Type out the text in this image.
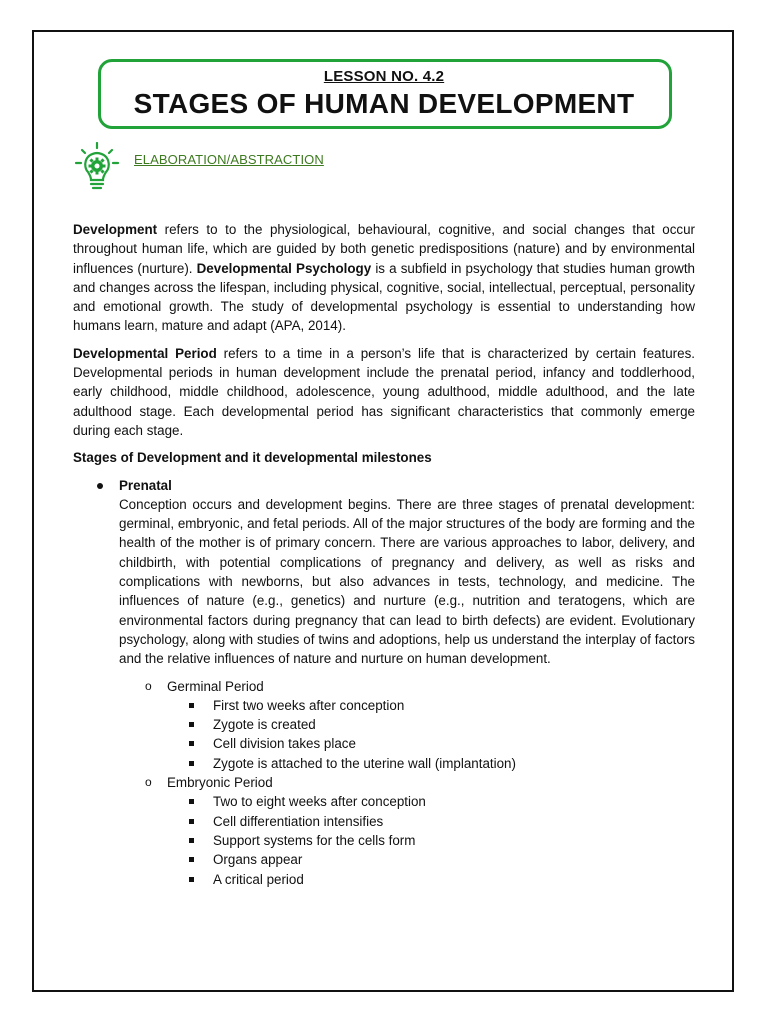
LESSON NO. 4.2
STAGES OF HUMAN DEVELOPMENT
ELABORATION/ABSTRACTION

Development refers to to the physiological, behavioural, cognitive, and social changes that occur throughout human life, which are guided by both genetic predispositions (nature) and by environmental influences (nurture). Developmental Psychology is a subfield in psychology that studies human growth and changes across the lifespan, including physical, cognitive, social, intellectual, perceptual, personality and emotional growth. The study of developmental psychology is essential to understanding how humans learn, mature and adapt (APA, 2014).

Developmental Period refers to a time in a person’s life that is characterized by certain features. Developmental periods in human development include the prenatal period, infancy and toddlerhood, early childhood, middle childhood, adolescence, young adulthood, middle adulthood, and the late adulthood stage. Each developmental period has significant characteristics that commonly emerge during each stage.

Stages of Development and it developmental milestones
Prenatal

Conception occurs and development begins. There are three stages of prenatal development: germinal, embryonic, and fetal periods. All of the major structures of the body are forming and the health of the mother is of primary concern. There are various approaches to labor, delivery, and childbirth, with potential complications of pregnancy and delivery, as well as risks and complications with newborns, but also advances in tests, technology, and medicine. The influences of nature (e.g., genetics) and nurture (e.g., nutrition and teratogens, which are environmental factors during pregnancy that can lead to birth defects) are evident. Evolutionary psychology, along with studies of twins and adoptions, help us understand the interplay of factors and the relative influences of nature and nurture on human development.

o Germinal Period
First two weeks after conception
Zygote is created
Cell division takes place
Zygote is attached to the uterine wall (implantation)
o Embryonic Period
Two to eight weeks after conception
Cell differentiation intensifies
Support systems for the cells form
Organs appear
A critical period
